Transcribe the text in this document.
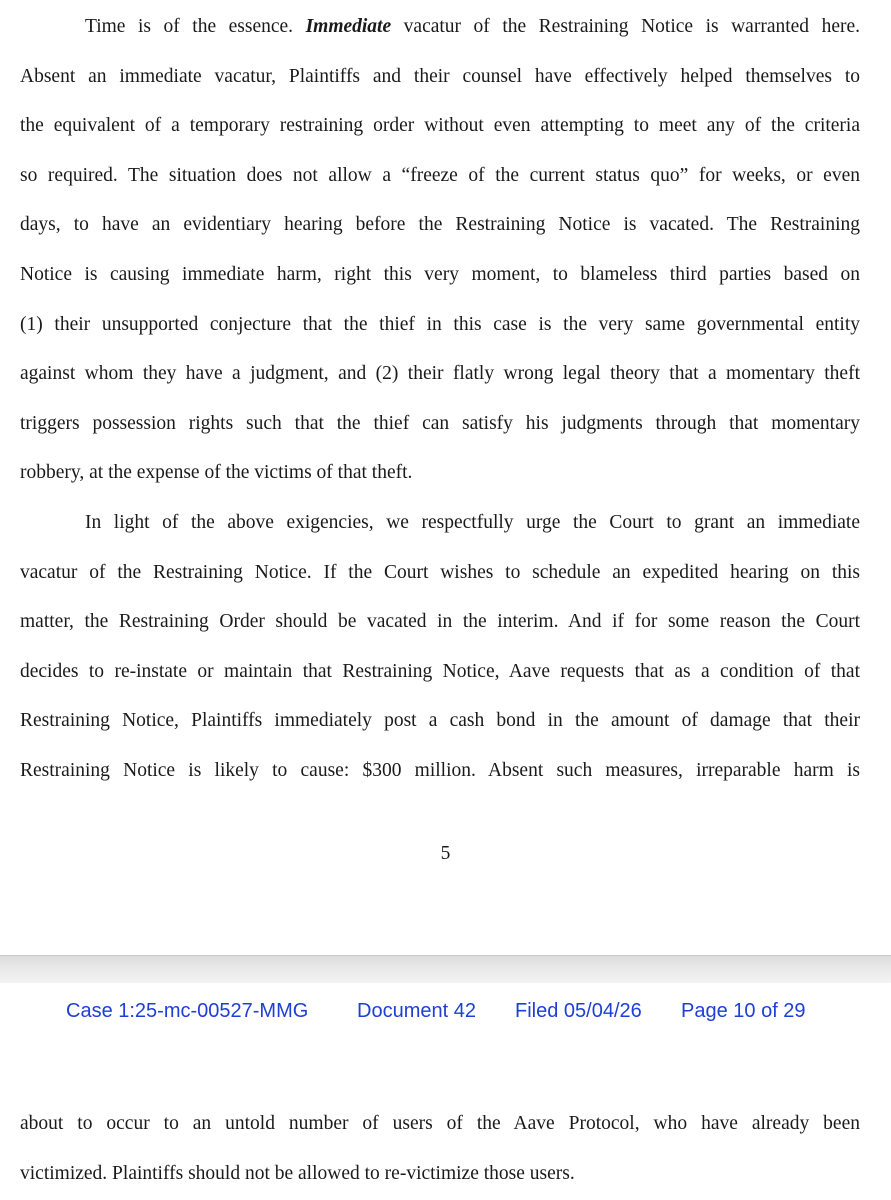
Time is of the essence. Immediate vacatur of the Restraining Notice is warranted here.
Absent an immediate vacatur, Plaintiffs and their counsel have effectively helped themselves to
the equivalent of a temporary restraining order without even attempting to meet any of the criteria
so required. The situation does not allow a “freeze of the current status quo” for weeks, or even
days, to have an evidentiary hearing before the Restraining Notice is vacated. The Restraining
Notice is causing immediate harm, right this very moment, to blameless third parties based on
(1) their unsupported conjecture that the thief in this case is the very same governmental entity
against whom they have a judgment, and (2) their flatly wrong legal theory that a momentary theft
triggers possession rights such that the thief can satisfy his judgments through that momentary
robbery, at the expense of the victims of that theft.
In light of the above exigencies, we respectfully urge the Court to grant an immediate
vacatur of the Restraining Notice. If the Court wishes to schedule an expedited hearing on this
matter, the Restraining Order should be vacated in the interim. And if for some reason the Court
decides to re-instate or maintain that Restraining Notice, Aave requests that as a condition of that
Restraining Notice, Plaintiffs immediately post a cash bond in the amount of damage that their
Restraining Notice is likely to cause: $300 million. Absent such measures, irreparable harm is
5
Case 1:25-mc-00527-MMG Document 42 Filed 05/04/26 Page 10 of 29
about to occur to an untold number of users of the Aave Protocol, who have already been
victimized. Plaintiffs should not be allowed to re-victimize those users.
